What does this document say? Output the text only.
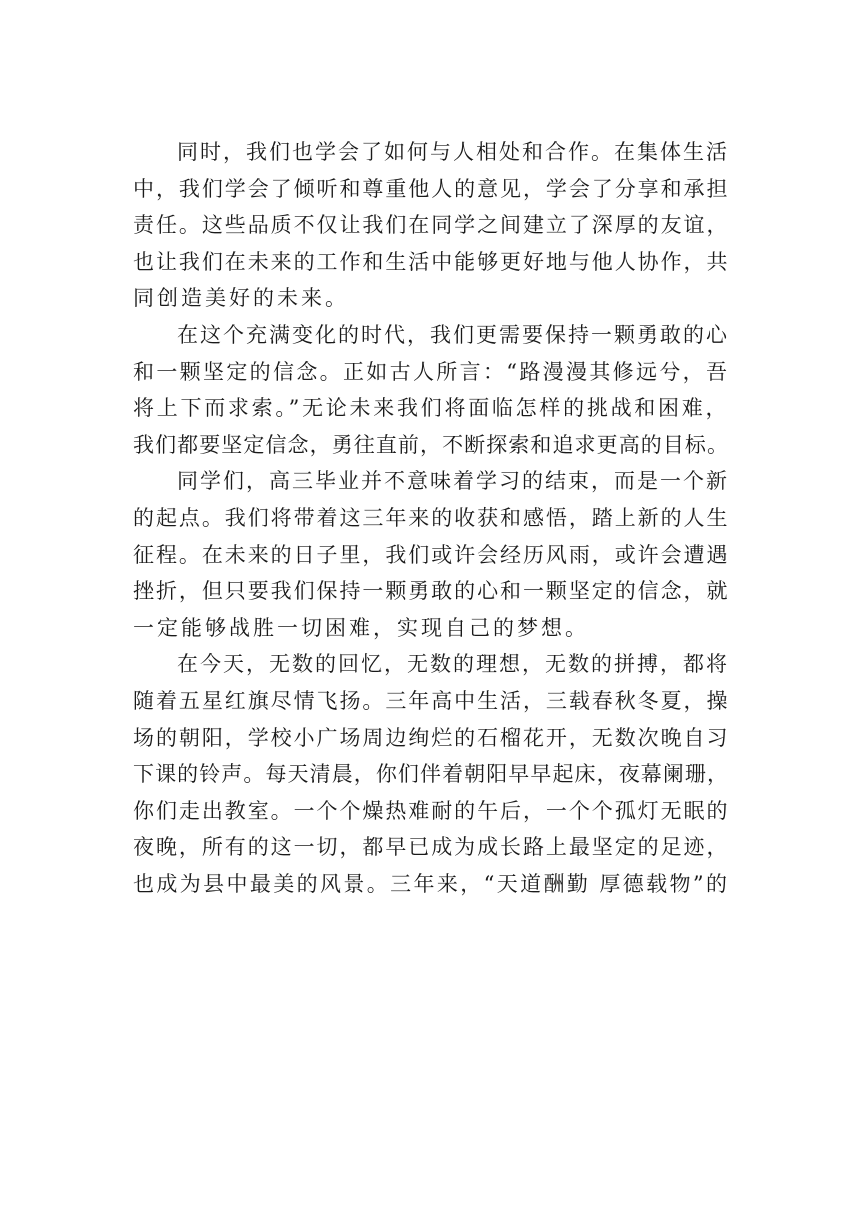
同时，我们也学会了如何与人相处和合作。在集体生活
中，我们学会了倾听和尊重他人的意见，学会了分享和承担
责任。这些品质不仅让我们在同学之间建立了深厚的友谊，
也让我们在未来的工作和生活中能够更好地与他人协作，共
同创造美好的未来。
在这个充满变化的时代，我们更需要保持一颗勇敢的心
和一颗坚定的信念。正如古人所言：“路漫漫其修远兮，吾
将上下而求索。”无论未来我们将面临怎样的挑战和困难，
我们都要坚定信念，勇往直前，不断探索和追求更高的目标。
同学们，高三毕业并不意味着学习的结束，而是一个新
的起点。我们将带着这三年来的收获和感悟，踏上新的人生
征程。在未来的日子里，我们或许会经历风雨，或许会遭遇
挫折，但只要我们保持一颗勇敢的心和一颗坚定的信念，就
一定能够战胜一切困难，实现自己的梦想。
在今天，无数的回忆，无数的理想，无数的拼搏，都将
随着五星红旗尽情飞扬。三年高中生活，三载春秋冬夏，操
场的朝阳，学校小广场周边绚烂的石榴花开，无数次晚自习
下课的铃声。每天清晨，你们伴着朝阳早早起床，夜幕阑珊，
你们走出教室。一个个燥热难耐的午后，一个个孤灯无眠的
夜晚，所有的这一切，都早已成为成长路上最坚定的足迹，
也成为县中最美的风景。三年来，“天道酬勤 厚德载物”的
